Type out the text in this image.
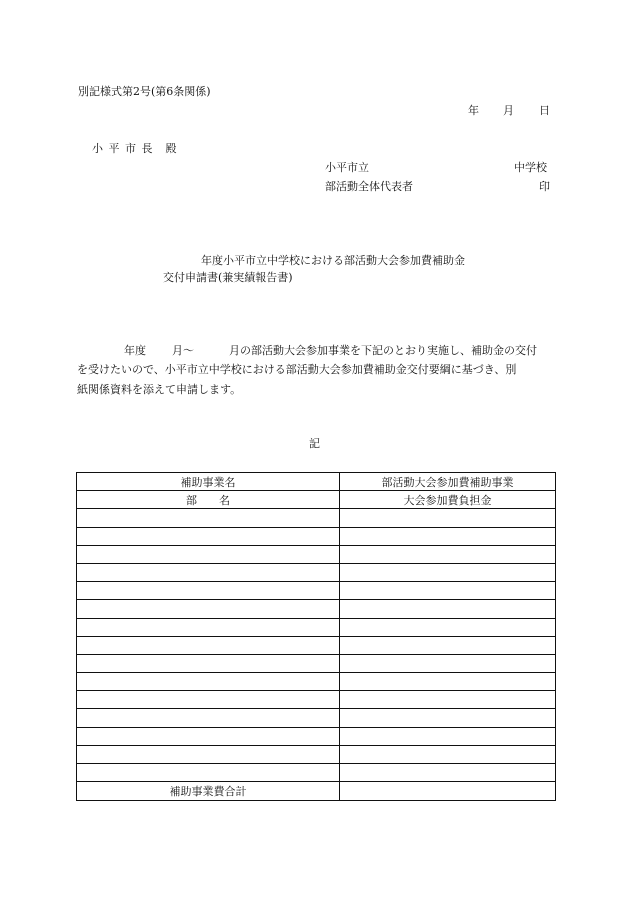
別記様式第2号(第6条関係)
年 月 日
小 平 市 長　殿
小平市立	中学校
部活動全体代表者	印
年度小平市立中学校における部活動大会参加費補助金
交付申請書(兼実績報告書)
年度 月〜	月の部活動大会参加事業を下記のとおり実施し、補助金の交付
を受けたいので、小平市立中学校における部活動大会参加費補助金交付要綱に基づき、別
紙関係資料を添えて申請します。
記
補助事業名	部活動大会参加費補助事業
部　　名	大会参加費負担金

補助事業費合計	
